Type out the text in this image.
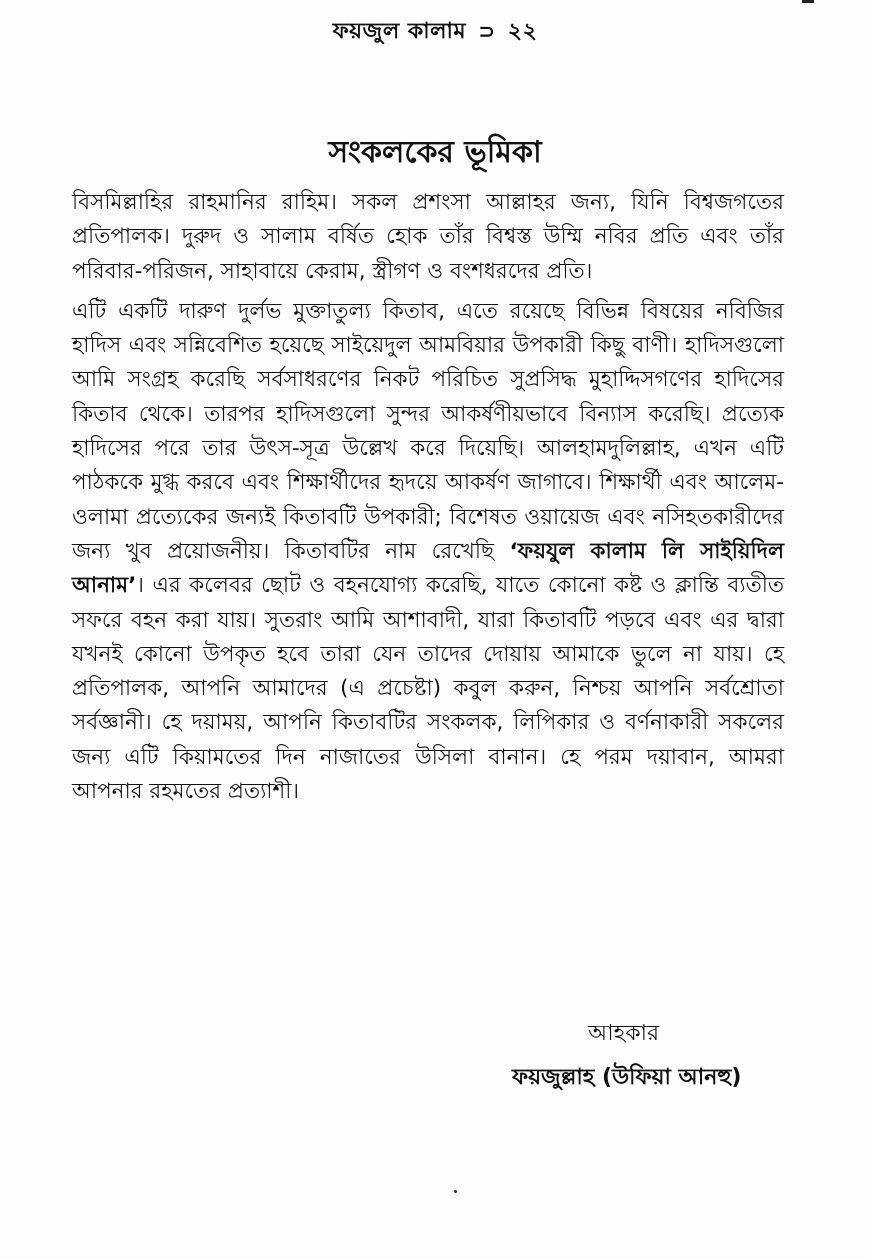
ফয়জুল কালাম ⊃ ২২
সংকলকের ভূমিকা

বিসমিল্লাহির রাহমানির রাহিম। সকল প্রশংসা আল্লাহর জন্য, যিনি বিশ্বজগতের প্রতিপালক। দুরুদ ও সালাম বর্ষিত হোক তাঁর বিশ্বস্ত উম্মি নবির প্রতি এবং তাঁর পরিবার-পরিজন, সাহাবায়ে কেরাম, স্ত্রীগণ ও বংশধরদের প্রতি।

এটি একটি দারুণ দুর্লভ মুক্তাতুল্য কিতাব, এতে রয়েছে বিভিন্ন বিষয়ের নবিজির হাদিস এবং সন্নিবেশিত হয়েছে সাইয়েদুল আমবিয়ার উপকারী কিছু বাণী। হাদিসগুলো আমি সংগ্রহ করেছি সর্বসাধরণের নিকট পরিচিত সুপ্রসিদ্ধ মুহাদ্দিসগণের হাদিসের কিতাব থেকে। তারপর হাদিসগুলো সুন্দর আকর্ষণীয়ভাবে বিন্যাস করেছি। প্রত্যেক হাদিসের পরে তার উৎস-সূত্র উল্লেখ করে দিয়েছি। আলহামদুলিল্লাহ, এখন এটি পাঠককে মুগ্ধ করবে এবং শিক্ষার্থীদের হৃদয়ে আকর্ষণ জাগাবে। শিক্ষার্থী এবং আলেম-ওলামা প্রত্যেকের জন্যই কিতাবটি উপকারী; বিশেষত ওয়ায়েজ এবং নসিহতকারীদের জন্য খুব প্রয়োজনীয়। কিতাবটির নাম রেখেছি ‘ফয়যুল কালাম লি সাইয়িদিল আনাম’। এর কলেবর ছোট ও বহনযোগ্য করেছি, যাতে কোনো কষ্ট ও ক্লান্তি ব্যতীত সফরে বহন করা যায়। সুতরাং আমি আশাবাদী, যারা কিতাবটি পড়বে এবং এর দ্বারা যখনই কোনো উপকৃত হবে তারা যেন তাদের দোয়ায় আমাকে ভুলে না যায়। হে প্রতিপালক, আপনি আমাদের (এ প্রচেষ্টা) কবুল করুন, নিশ্চয় আপনি সর্বশ্রোতা সর্বজ্ঞানী। হে দয়াময়, আপনি কিতাবটির সংকলক, লিপিকার ও বর্ণনাকারী সকলের জন্য এটি কিয়ামতের দিন নাজাতের উসিলা বানান। হে পরম দয়াবান, আমরা আপনার রহমতের প্রত্যাশী।

আহকার
ফয়জুল্লাহ (উফিয়া আনহু)
